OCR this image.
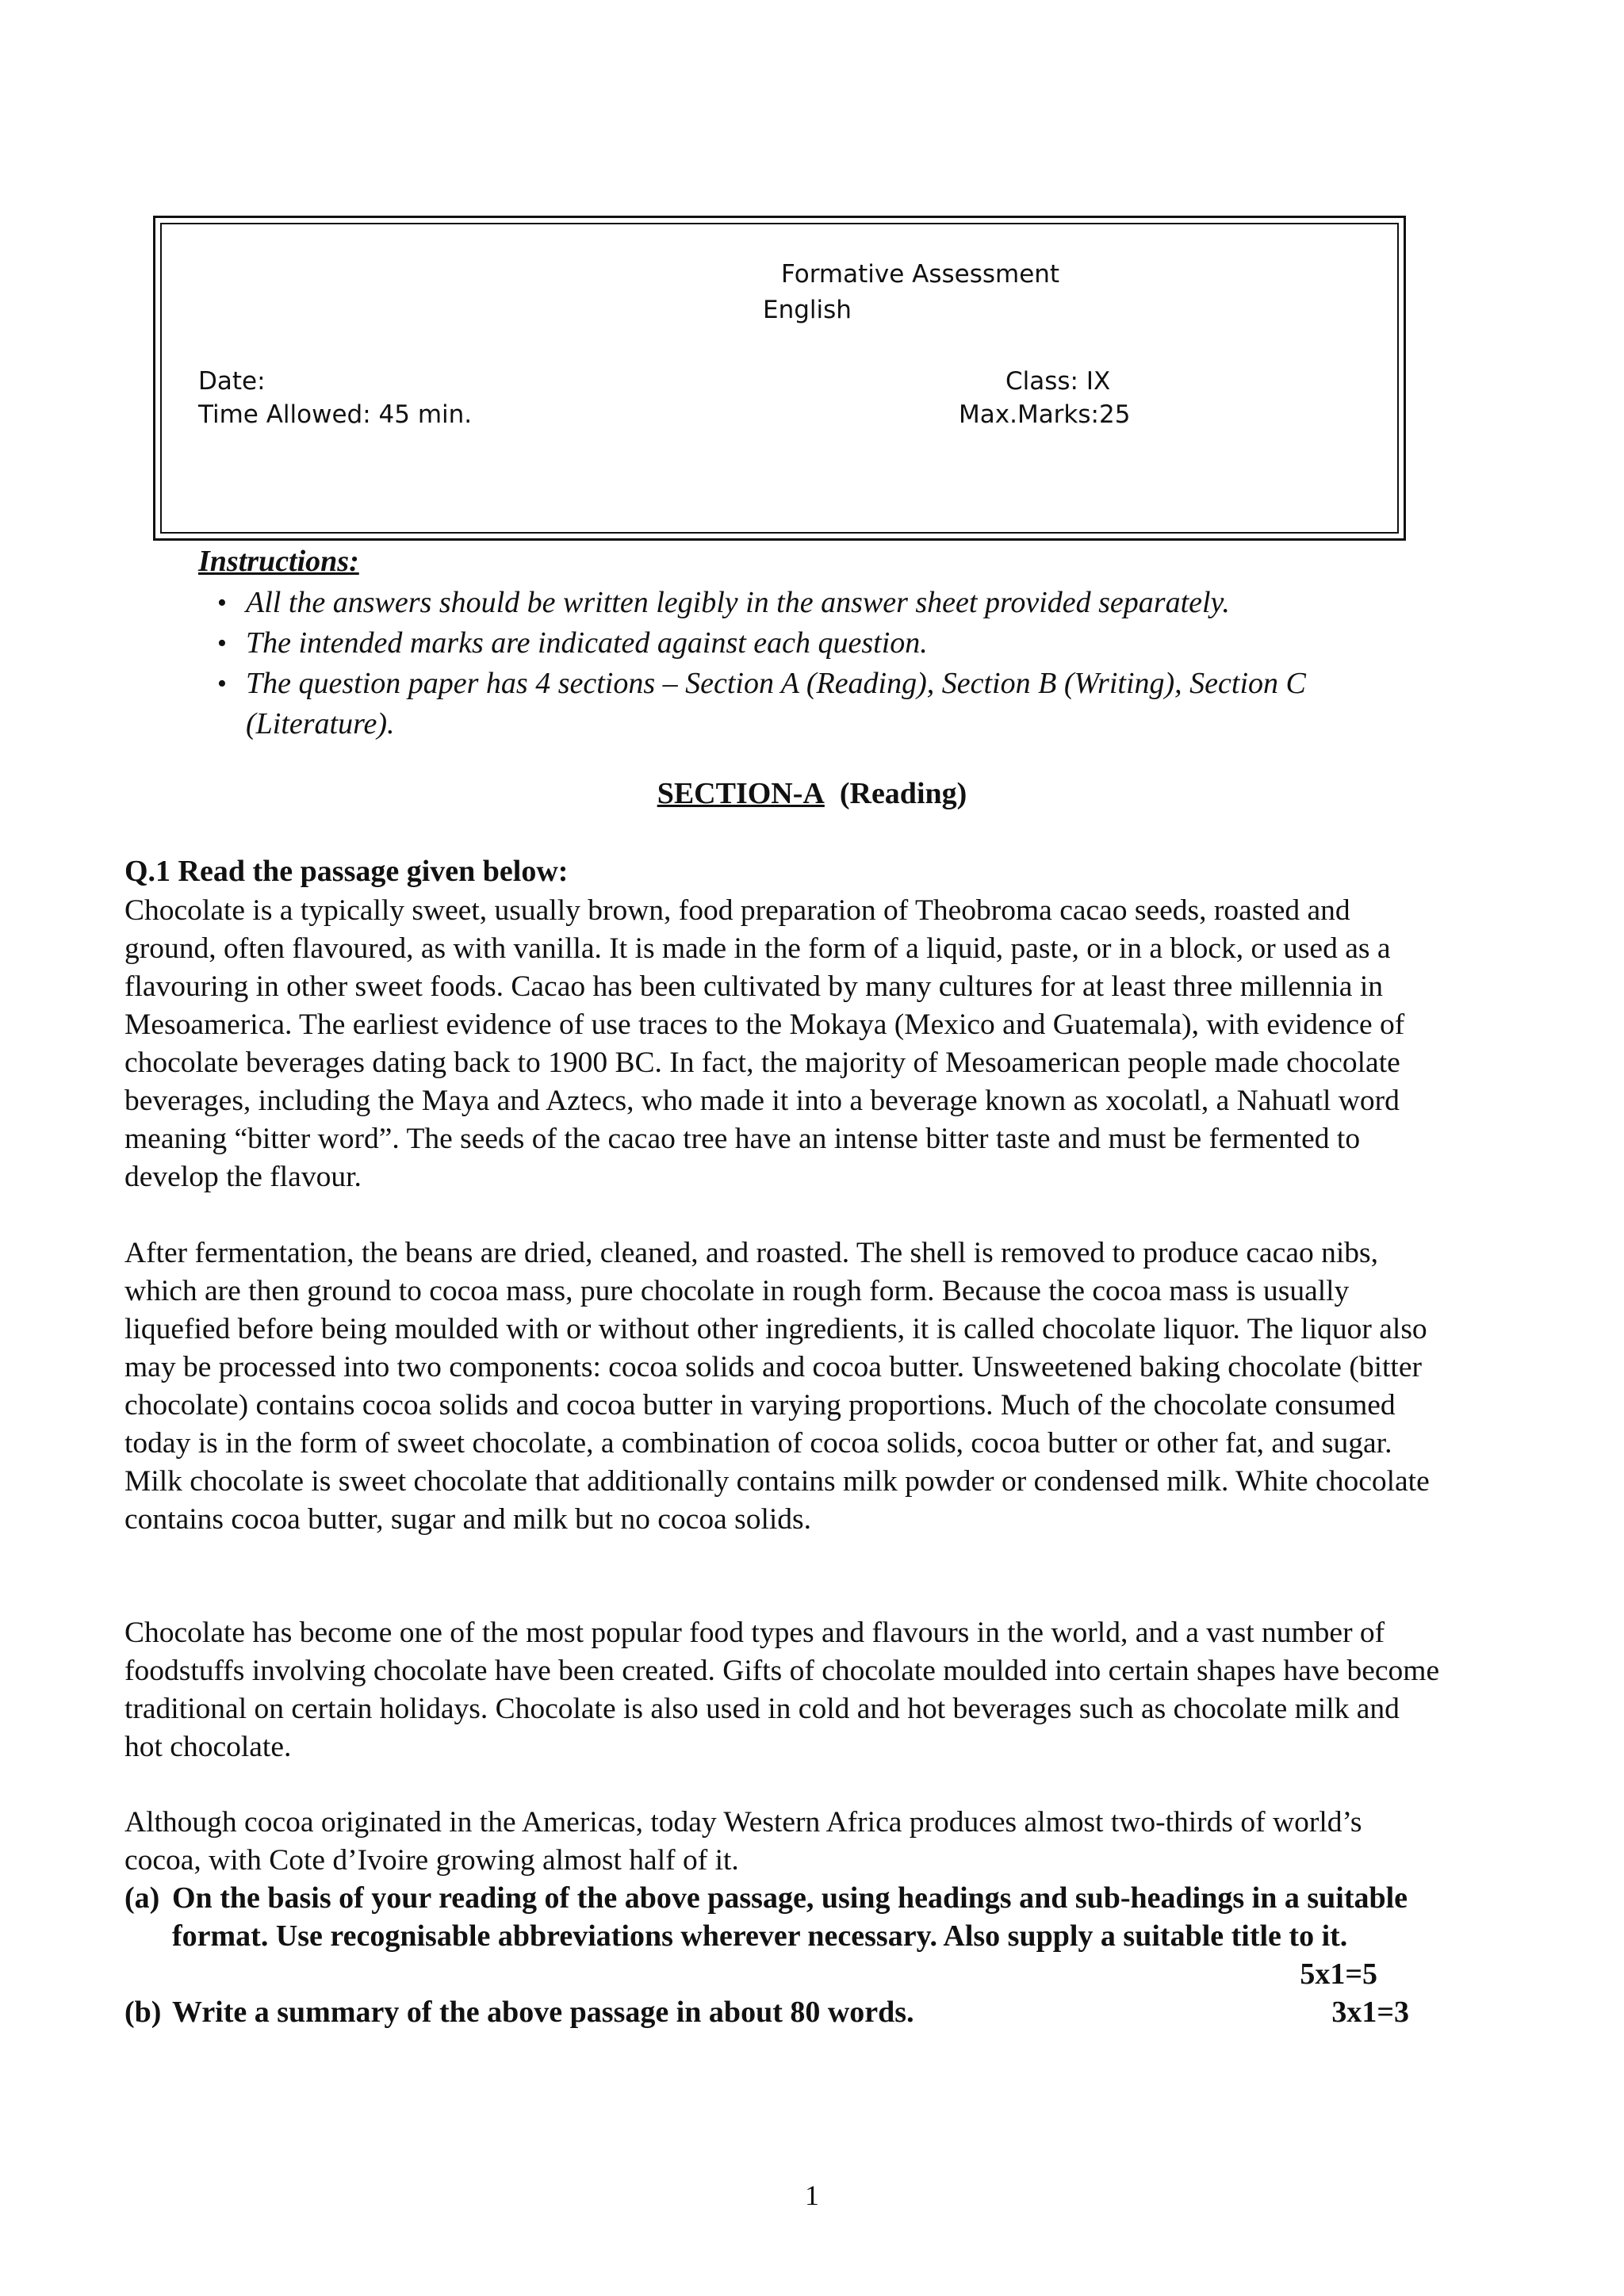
Formative Assessment
English
Date:
Time Allowed: 45 min.
Class: IX
Max.Marks:25
Instructions:
• All the answers should be written legibly in the answer sheet provided separately.
• The intended marks are indicated against each question.
• The question paper has 4 sections – Section A (Reading), Section B (Writing), Section C (Literature).
SECTION-A (Reading)
Q.1 Read the passage given below:

Chocolate is a typically sweet, usually brown, food preparation of Theobroma cacao seeds, roasted and ground, often flavoured, as with vanilla. It is made in the form of a liquid, paste, or in a block, or used as a flavouring in other sweet foods. Cacao has been cultivated by many cultures for at least three millennia in Mesoamerica. The earliest evidence of use traces to the Mokaya (Mexico and Guatemala), with evidence of chocolate beverages dating back to 1900 BC. In fact, the majority of Mesoamerican people made chocolate beverages, including the Maya and Aztecs, who made it into a beverage known as xocolatl, a Nahuatl word meaning “bitter word”. The seeds of the cacao tree have an intense bitter taste and must be fermented to develop the flavour.

After fermentation, the beans are dried, cleaned, and roasted. The shell is removed to produce cacao nibs, which are then ground to cocoa mass, pure chocolate in rough form. Because the cocoa mass is usually liquefied before being moulded with or without other ingredients, it is called chocolate liquor. The liquor also may be processed into two components: cocoa solids and cocoa butter. Unsweetened baking chocolate (bitter chocolate) contains cocoa solids and cocoa butter in varying proportions. Much of the chocolate consumed today is in the form of sweet chocolate, a combination of cocoa solids, cocoa butter or other fat, and sugar. Milk chocolate is sweet chocolate that additionally contains milk powder or condensed milk. White chocolate contains cocoa butter, sugar and milk but no cocoa solids.

Chocolate has become one of the most popular food types and flavours in the world, and a vast number of foodstuffs involving chocolate have been created. Gifts of chocolate moulded into certain shapes have become traditional on certain holidays. Chocolate is also used in cold and hot beverages such as chocolate milk and hot chocolate.

Although cocoa originated in the Americas, today Western Africa produces almost two-thirds of world’s cocoa, with Cote d’Ivoire growing almost half of it.

(a) On the basis of your reading of the above passage, using headings and sub-headings in a suitable format. Use recognisable abbreviations wherever necessary. Also supply a suitable title to it.
5x1=5
(b) Write a summary of the above passage in about 80 words.	3x1=3
1
